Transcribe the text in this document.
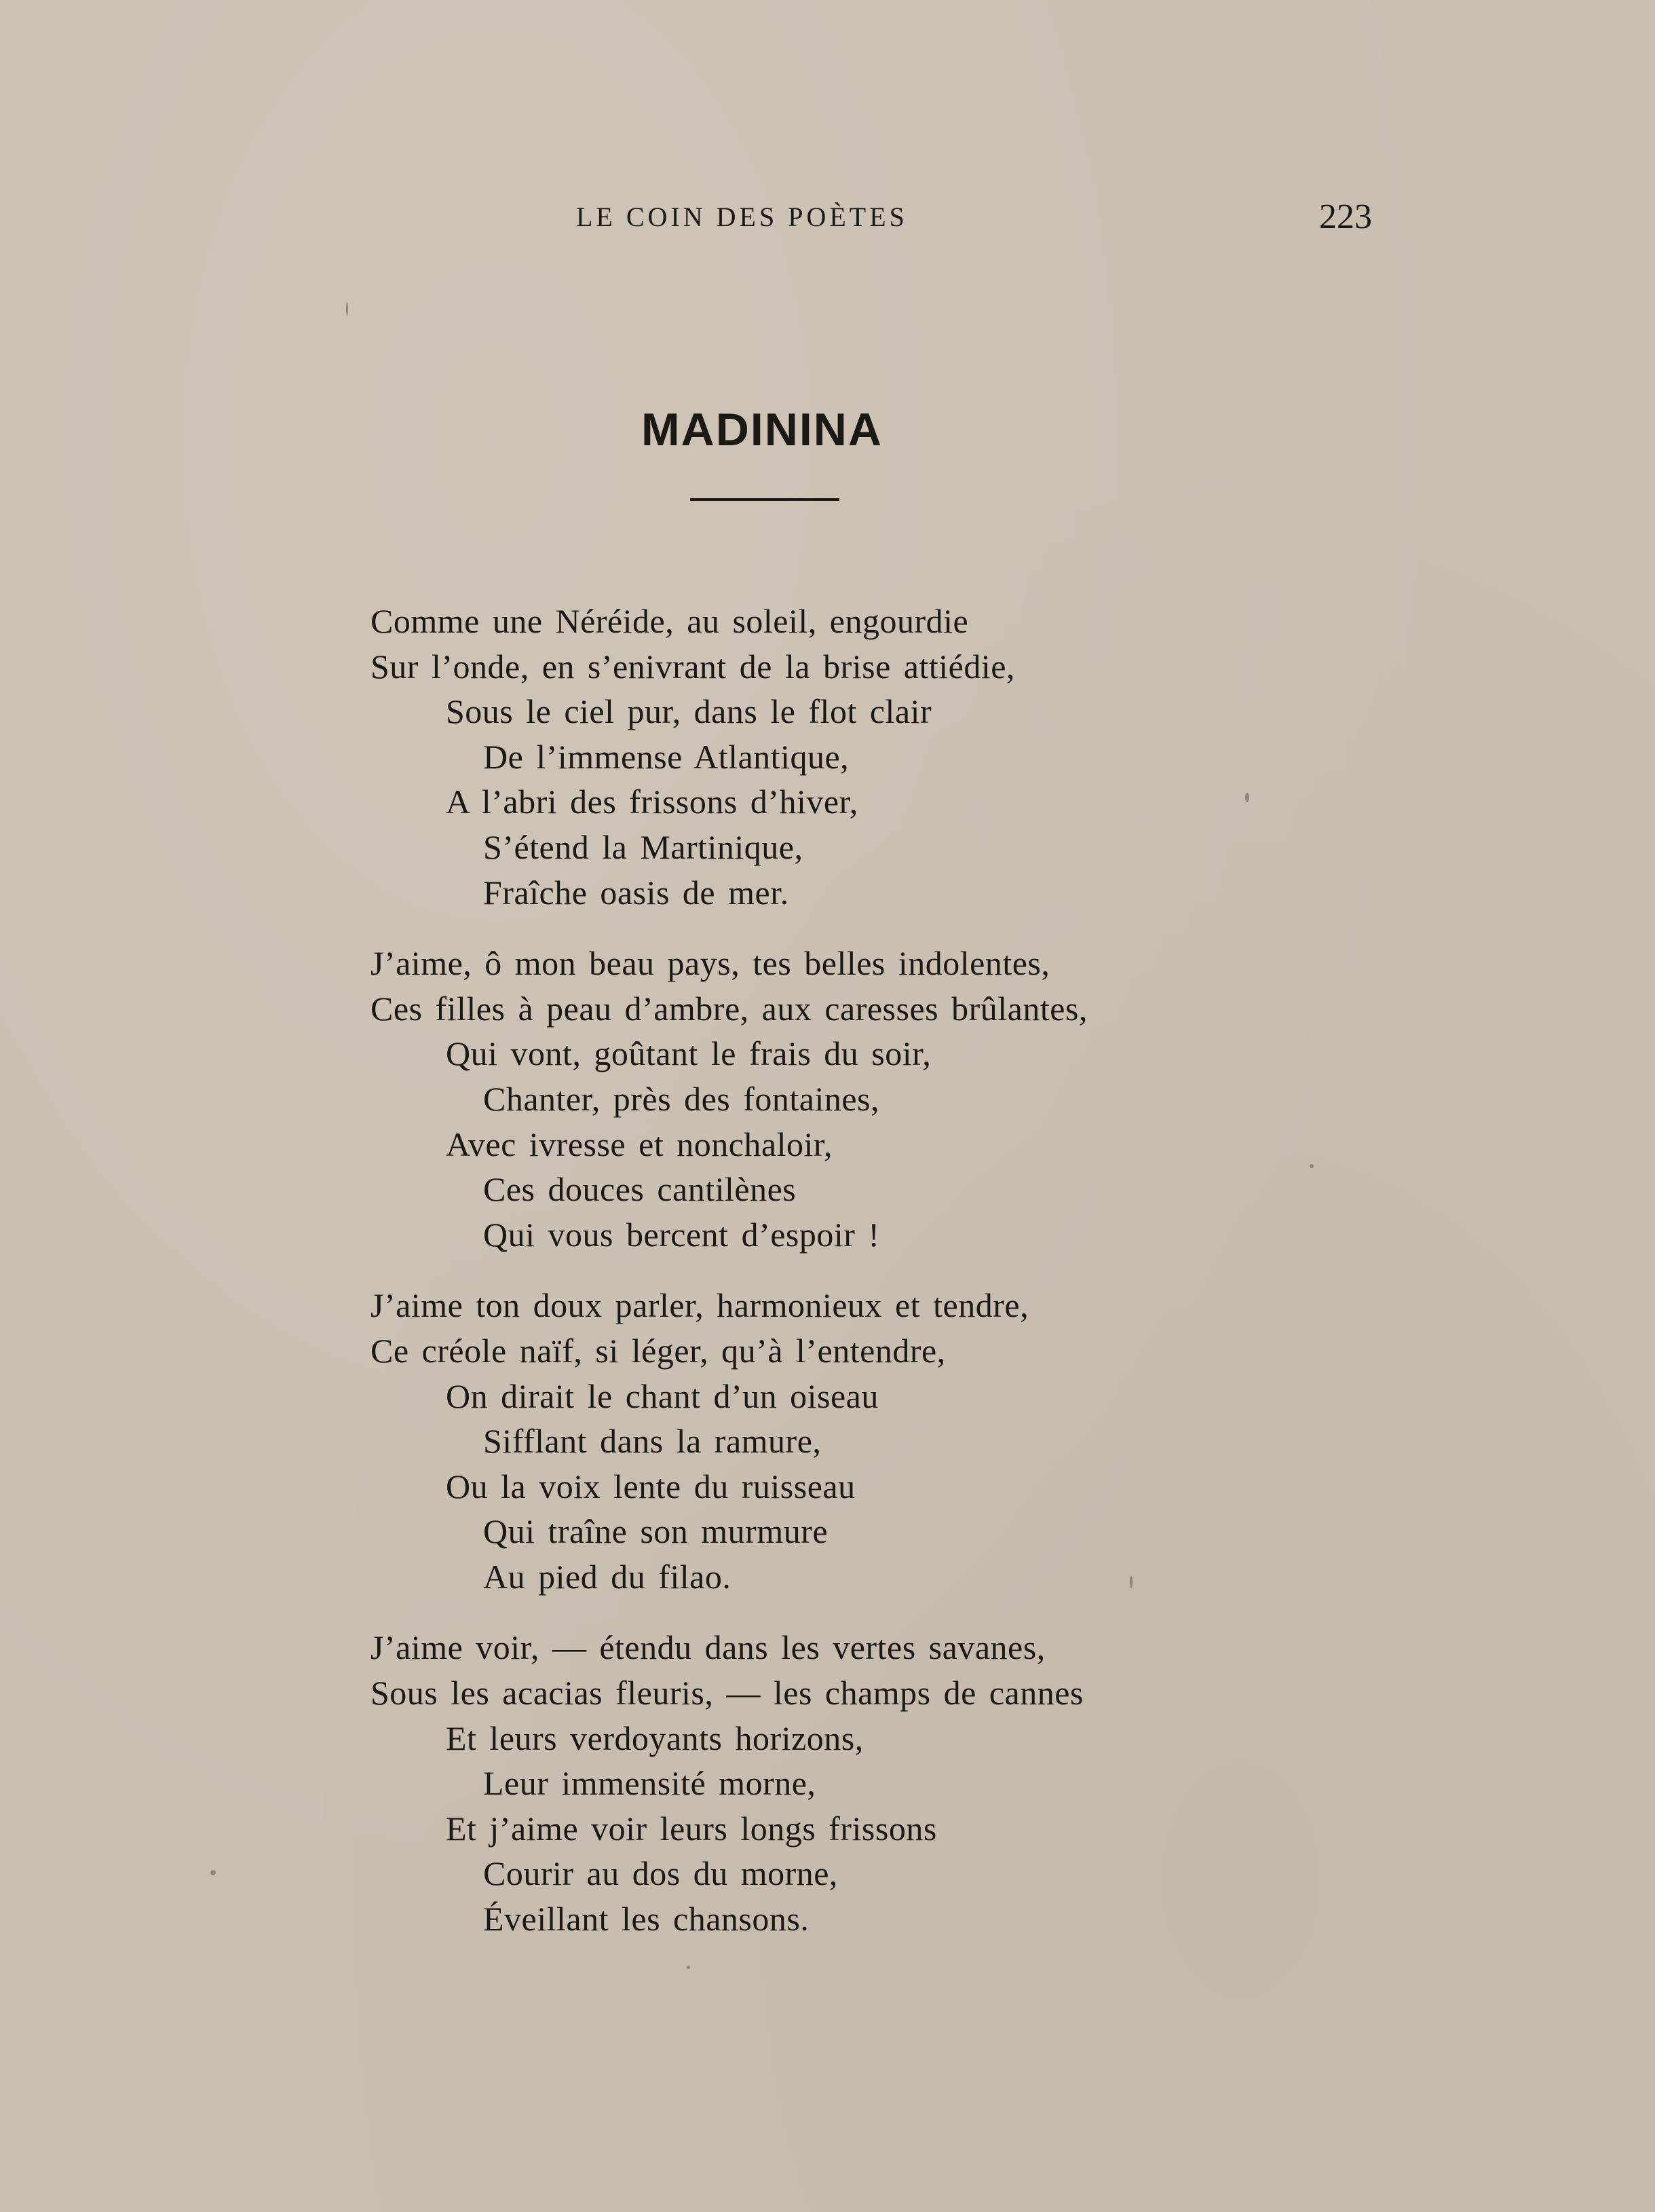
LE COIN DES POÈTES	223
MADININA
Comme une Néréide, au soleil, engourdie
Sur l’onde, en s’enivrant de la brise attiédie,
Sous le ciel pur, dans le flot clair
De l’immense Atlantique,
A l’abri des frissons d’hiver,
S’étend la Martinique,
Fraîche oasis de mer.
J’aime, ô mon beau pays, tes belles indolentes,
Ces filles à peau d’ambre, aux caresses brûlantes,
Qui vont, goûtant le frais du soir,
Chanter, près des fontaines,
Avec ivresse et nonchaloir,
Ces douces cantilènes
Qui vous bercent d’espoir !
J’aime ton doux parler, harmonieux et tendre,
Ce créole naïf, si léger, qu’à l’entendre,
On dirait le chant d’un oiseau
Sifflant dans la ramure,
Ou la voix lente du ruisseau
Qui traîne son murmure
Au pied du filao.
J’aime voir, — étendu dans les vertes savanes,
Sous les acacias fleuris, — les champs de cannes
Et leurs verdoyants horizons,
Leur immensité morne,
Et j’aime voir leurs longs frissons
Courir au dos du morne,
Éveillant les chansons.
